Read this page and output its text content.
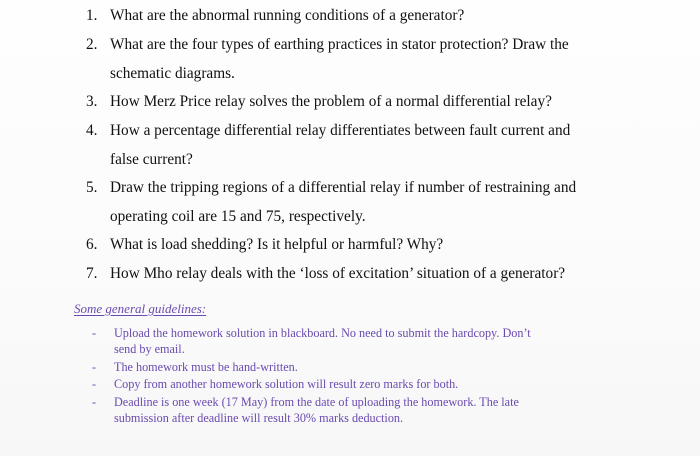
1. What are the abnormal running conditions of a generator?
2. What are the four types of earthing practices in stator protection? Draw the
schematic diagrams.
3. How Merz Price relay solves the problem of a normal differential relay?
4. How a percentage differential relay differentiates between fault current and
false current?
5. Draw the tripping regions of a differential relay if number of restraining and
operating coil are 15 and 75, respectively.
6. What is load shedding? Is it helpful or harmful? Why?
7. How Mho relay deals with the ‘loss of excitation’ situation of a generator?
Some general guidelines:
- Upload the homework solution in blackboard. No need to submit the hardcopy. Don’t
send by email.
- The homework must be hand-written.
- Copy from another homework solution will result zero marks for both.
- Deadline is one week (17 May) from the date of uploading the homework. The late
submission after deadline will result 30% marks deduction.
